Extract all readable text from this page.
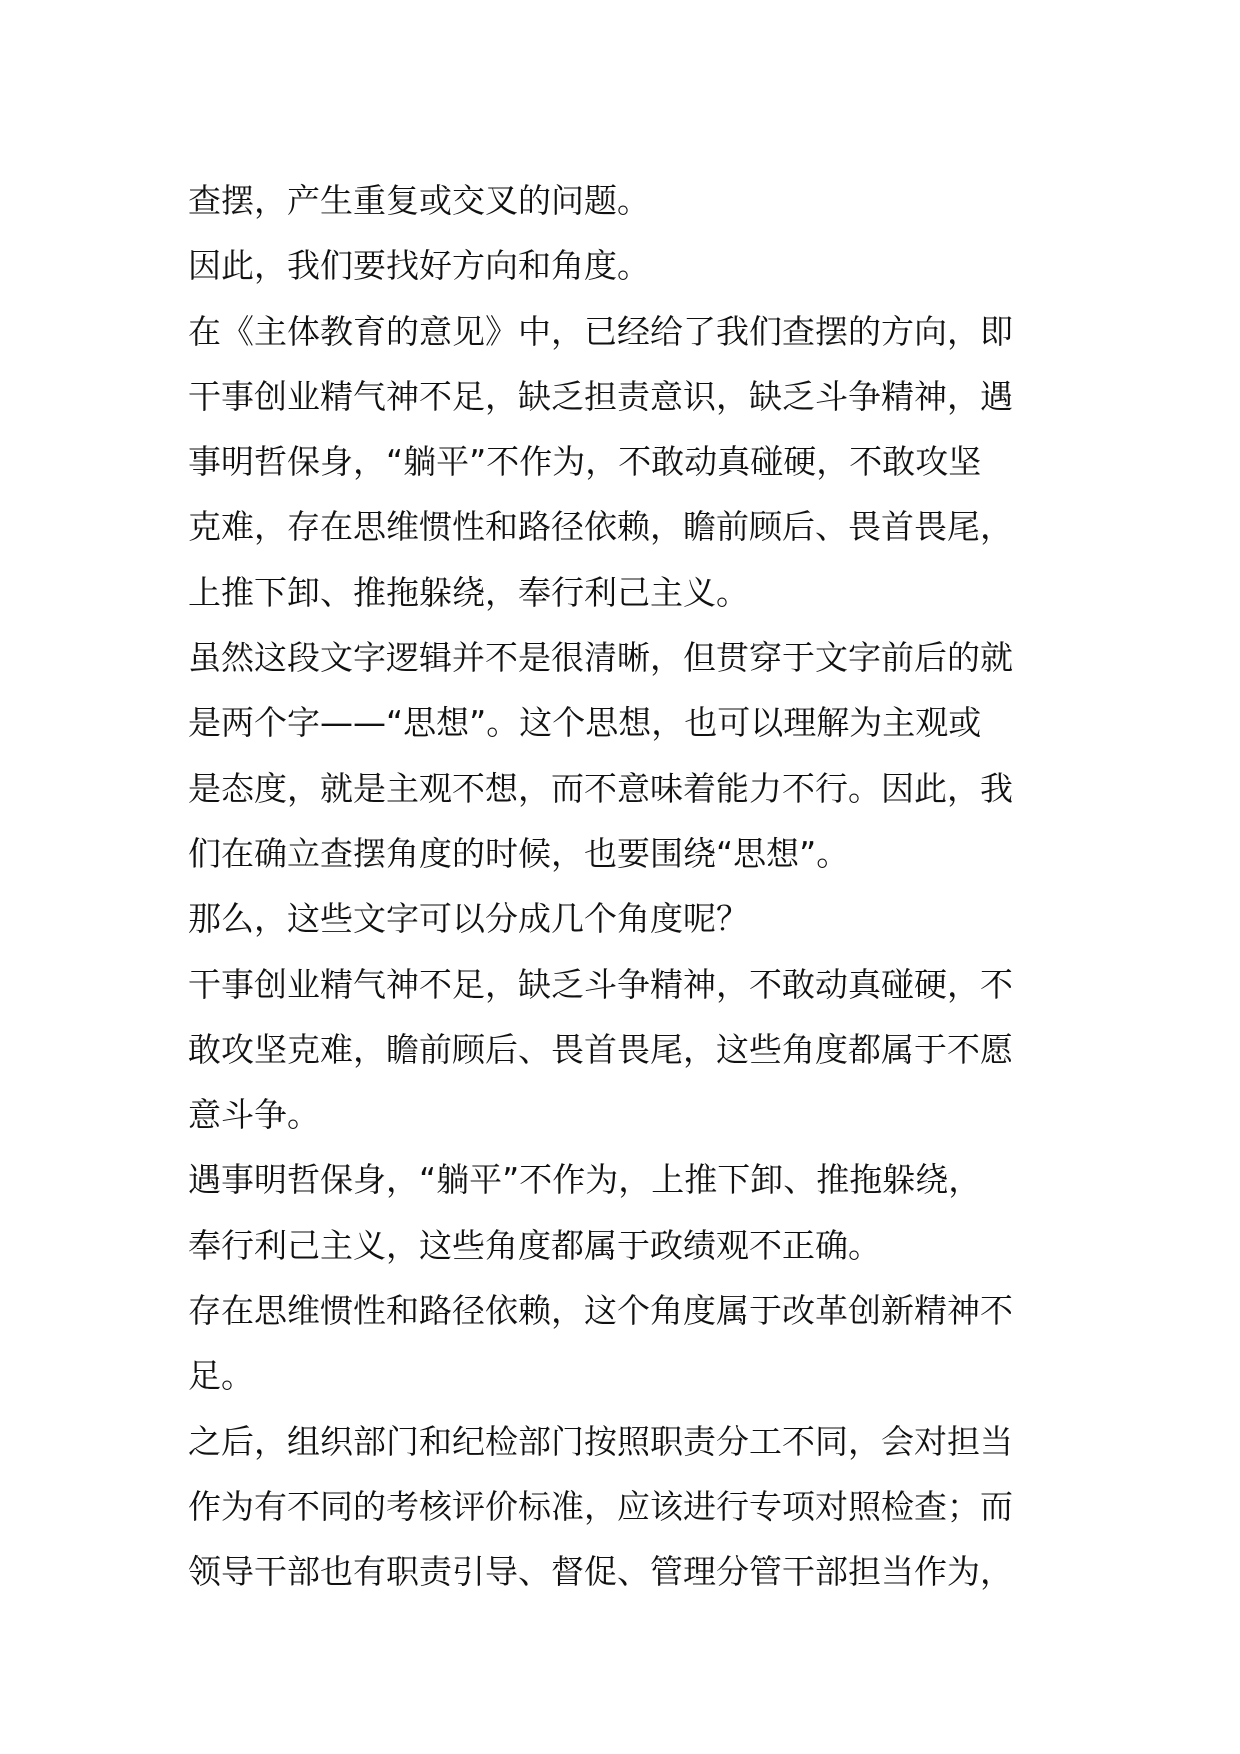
查摆，产生重复或交叉的问题。
因此，我们要找好方向和角度。
在《主体教育的意见》中，已经给了我们查摆的方向，即
干事创业精气神不足，缺乏担责意识，缺乏斗争精神，遇
事明哲保身，“躺平”不作为，不敢动真碰硬，不敢攻坚
克难，存在思维惯性和路径依赖，瞻前顾后、畏首畏尾，
上推下卸、推拖躲绕，奉行利己主义。
虽然这段文字逻辑并不是很清晰，但贯穿于文字前后的就
是两个字——“思想”。这个思想，也可以理解为主观或
是态度，就是主观不想，而不意味着能力不行。因此，我
们在确立查摆角度的时候，也要围绕“思想”。
那么，这些文字可以分成几个角度呢？
干事创业精气神不足，缺乏斗争精神，不敢动真碰硬，不
敢攻坚克难，瞻前顾后、畏首畏尾，这些角度都属于不愿
意斗争。
遇事明哲保身，“躺平”不作为，上推下卸、推拖躲绕，
奉行利己主义，这些角度都属于政绩观不正确。
存在思维惯性和路径依赖，这个角度属于改革创新精神不
足。
之后，组织部门和纪检部门按照职责分工不同，会对担当
作为有不同的考核评价标准，应该进行专项对照检查；而
领导干部也有职责引导、督促、管理分管干部担当作为，
